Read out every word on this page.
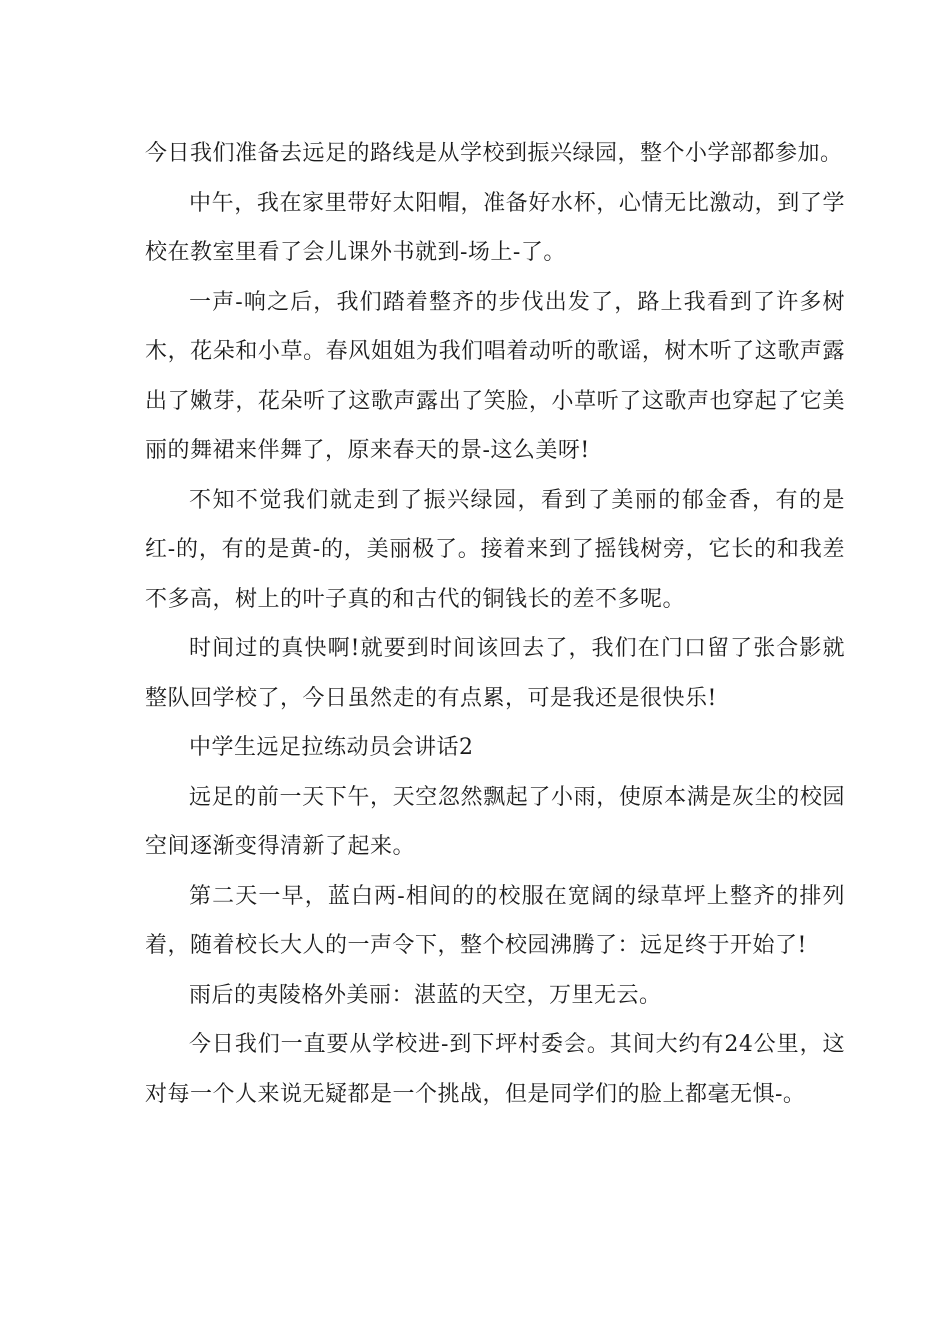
今日我们准备去远足的路线是从学校到振兴绿园，整个小学部都参加。

中午，我在家里带好太阳帽，准备好水杯，心情无比激动，到了学校在教室里看了会儿课外书就到-场上-了。

一声-响之后，我们踏着整齐的步伐出发了，路上我看到了许多树木，花朵和小草。春风姐姐为我们唱着动听的歌谣，树木听了这歌声露出了嫩芽，花朵听了这歌声露出了笑脸，小草听了这歌声也穿起了它美丽的舞裙来伴舞了，原来春天的景-这么美呀!

不知不觉我们就走到了振兴绿园，看到了美丽的郁金香，有的是红-的，有的是黄-的，美丽极了。接着来到了摇钱树旁，它长的和我差不多高，树上的叶子真的和古代的铜钱长的差不多呢。

时间过的真快啊!就要到时间该回去了，我们在门口留了张合影就整队回学校了，今日虽然走的有点累，可是我还是很快乐!

中学生远足拉练动员会讲话2

远足的前一天下午，天空忽然飘起了小雨，使原本满是灰尘的校园空间逐渐变得清新了起来。

第二天一早，蓝白两-相间的的校服在宽阔的绿草坪上整齐的排列着，随着校长大人的一声令下，整个校园沸腾了：远足终于开始了!

雨后的夷陵格外美丽：湛蓝的天空，万里无云。

今日我们一直要从学校进-到下坪村委会。其间大约有24公里，这对每一个人来说无疑都是一个挑战，但是同学们的脸上都毫无惧-。
